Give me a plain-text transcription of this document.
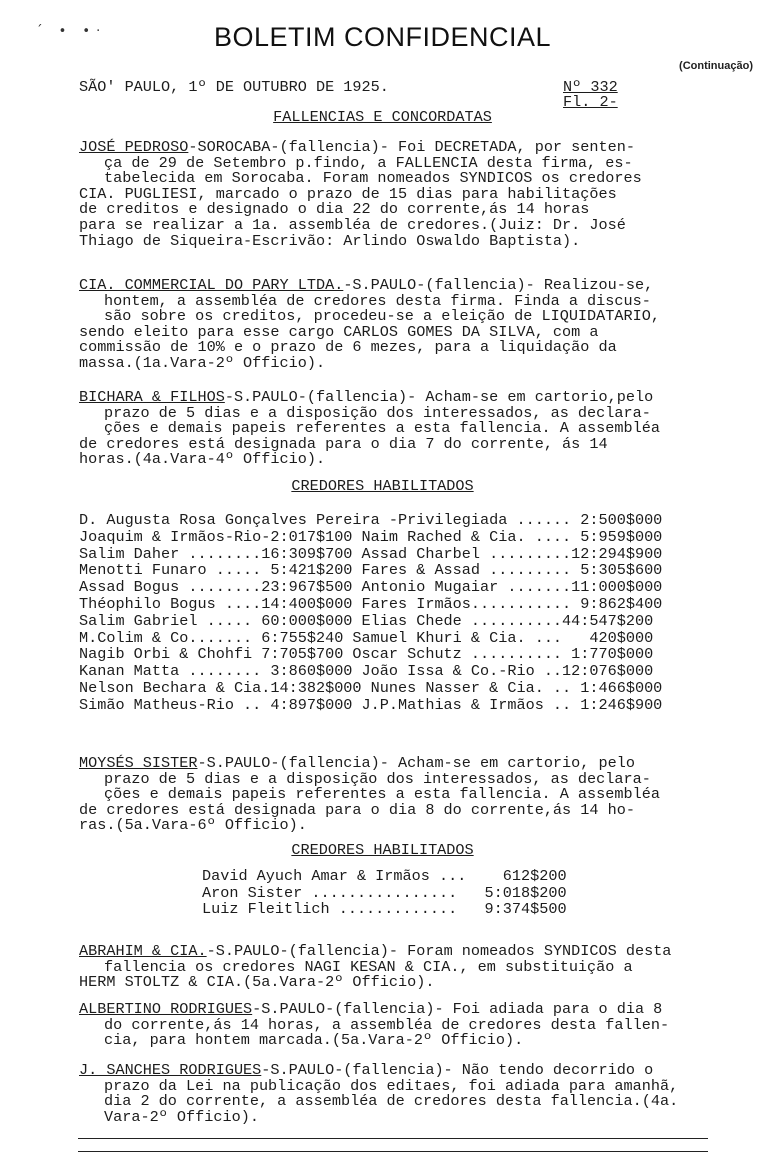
´ • •·	BOLETIM CONFIDENCIAL
(Continuação)
SÃO' PAULO, 1º DE OUTUBRO DE 1925.	Nº 332
Fl. 2-
FALLENCIAS E CONCORDATAS

JOSÉ PEDROSO-SOROCABA-(fallencia)- Foi DECRETADA, por senten-

ça de 29 de Setembro p.findo, a FALLENCIA desta firma, es-

tabelecida em Sorocaba. Foram nomeados SYNDICOS os credores

CIA. PUGLIESI, marcado o prazo de 15 dias para habilitações

de creditos e designado o dia 22 do corrente,ás 14 horas

para se realizar a 1a. assembléa de credores.(Juiz: Dr. José

Thiago de Siqueira-Escrivão: Arlindo Oswaldo Baptista).

CIA. COMMERCIAL DO PARY LTDA.-S.PAULO-(fallencia)- Realizou-se,

hontem, a assembléa de credores desta firma. Finda a discus-

são sobre os creditos, procedeu-se a eleição de LIQUIDATARIO,

sendo eleito para esse cargo CARLOS GOMES DA SILVA, com a

commissão de 10% e o prazo de 6 mezes, para a liquidação da

massa.(1a.Vara-2º Officio).

BICHARA & FILHOS-S.PAULO-(fallencia)- Acham-se em cartorio,pelo

prazo de 5 dias e a disposição dos interessados, as declara-

ções e demais papeis referentes a esta fallencia. A assembléa

de credores está designada para o dia 7 do corrente, ás 14

horas.(4a.Vara-4º Officio).

CREDORES HABILITADOS
D. Augusta Rosa Gonçalves Pereira -Privilegiada ...... 2:500$000
Joaquim & Irmãos-Rio-2:017$100 Naim Rached & Cia. .... 5:959$000
Salim Daher ........16:309$700 Assad Charbel .........12:294$900
Menotti Funaro ..... 5:421$200 Fares & Assad ......... 5:305$600
Assad Bogus ........23:967$500 Antonio Mugaiar .......11:000$000
Théophilo Bogus ....14:400$000 Fares Irmãos........... 9:862$400
Salim Gabriel ..... 60:000$000 Elias Chede ..........44:547$200
M.Colim & Co....... 6:755$240 Samuel Khuri & Cia. ...   420$000
Nagib Orbi & Chohfi 7:705$700 Oscar Schutz .......... 1:770$000
Kanan Matta ........ 3:860$000 João Issa & Co.-Rio ..12:076$000
Nelson Bechara & Cia.14:382$000 Nunes Nasser & Cia. .. 1:466$000
Simão Matheus-Rio .. 4:897$000 J.P.Mathias & Irmãos .. 1:246$900

MOYSÉS SISTER-S.PAULO-(fallencia)- Acham-se em cartorio, pelo

prazo de 5 dias e a disposição dos interessados, as declara-

ções e demais papeis referentes a esta fallencia. A assembléa

de credores está designada para o dia 8 do corrente,ás 14 ho-

ras.(5a.Vara-6º Officio).

CREDORES HABILITADOS
David Ayuch Amar & Irmãos ...    612$200
Aron Sister ................   5:018$200
Luiz Fleitlich .............   9:374$500

ABRAHIM & CIA.-S.PAULO-(fallencia)- Foram nomeados SYNDICOS desta

fallencia os credores NAGI KESAN & CIA., em substituição a

HERM STOLTZ & CIA.(5a.Vara-2º Officio).

ALBERTINO RODRIGUES-S.PAULO-(fallencia)- Foi adiada para o dia 8

do corrente,ás 14 horas, a assembléa de credores desta fallen-

cia, para hontem marcada.(5a.Vara-2º Officio).

J. SANCHES RODRIGUES-S.PAULO-(fallencia)- Não tendo decorrido o

prazo da Lei na publicação dos editaes, foi adiada para amanhã,

dia 2 do corrente, a assembléa de credores desta fallencia.(4a.

Vara-2º Officio).
